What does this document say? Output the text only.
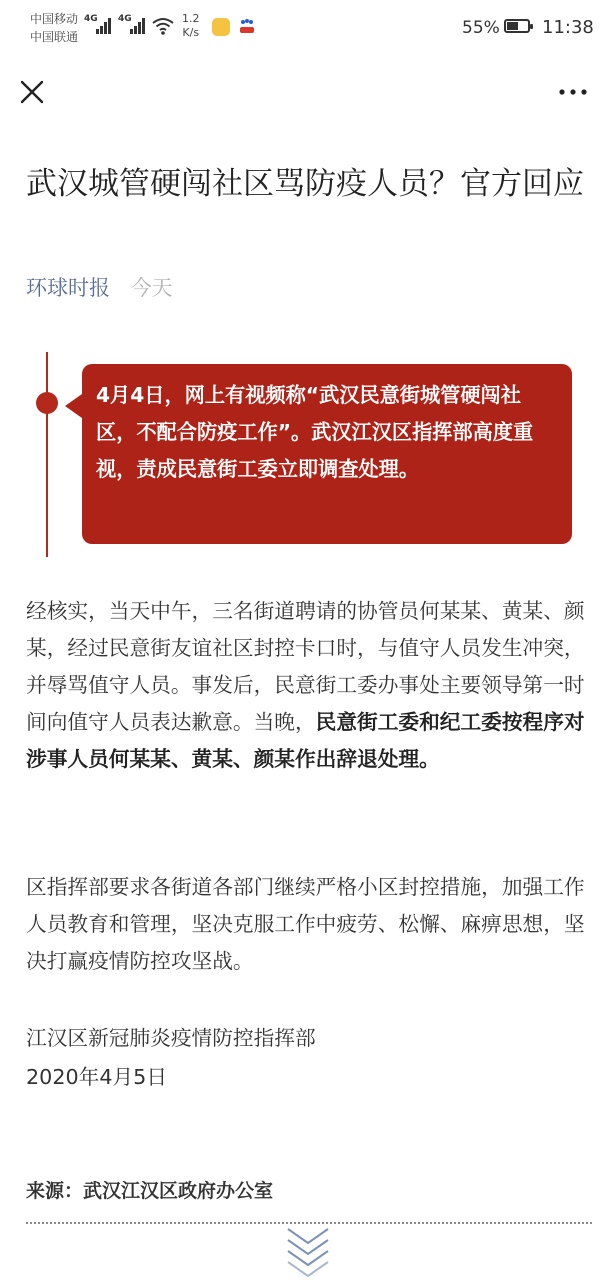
中国移动
中国联通
4G 4G	1.2
K/s	55% 11:38
武汉城管硬闯社区骂防疫人员？官方回应
环球时报 今天
4月4日，网上有视频称“武汉民意街城管硬闯社区，不配合防疫工作”。武汉江汉区指挥部高度重视，责成民意街工委立即调查处理。

经核实，当天中午，三名街道聘请的协管员何某某、黄某、颜某，经过民意街友谊社区封控卡口时，与值守人员发生冲突，并辱骂值守人员。事发后，民意街工委办事处主要领导第一时间向值守人员表达歉意。当晚，民意街工委和纪工委按程序对涉事人员何某某、黄某、颜某作出辞退处理。

区指挥部要求各街道各部门继续严格小区封控措施，加强工作人员教育和管理，坚决克服工作中疲劳、松懈、麻痹思想，坚决打赢疫情防控攻坚战。

江汉区新冠肺炎疫情防控指挥部

2020年4月5日

来源：武汉江汉区政府办公室
